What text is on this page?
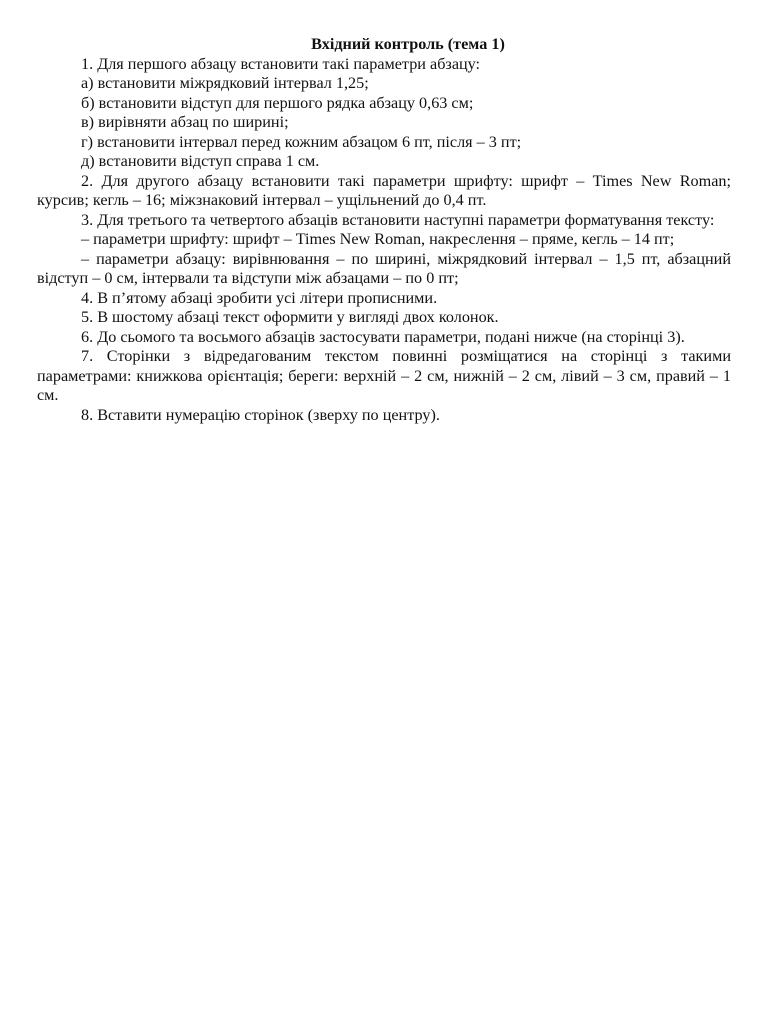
Вхідний контроль (тема 1)

1. Для першого абзацу встановити такі параметри абзацу:

а) встановити міжрядковий інтервал 1,25;

б) встановити відступ для першого рядка абзацу 0,63 см;

в) вирівняти абзац по ширині;

г) встановити інтервал перед кожним абзацом 6 пт, після – 3 пт;

д) встановити відступ справа 1 см.

2. Для другого абзацу встановити такі параметри шрифту: шрифт – Times New Roman; курсив; кегль – 16; міжзнаковий інтервал – ущільнений до 0,4 пт.

3. Для третього та четвертого абзаців встановити наступні параметри форматування тексту:

– параметри шрифту: шрифт – Times New Roman, накреслення – пряме, кегль – 14 пт;

– параметри абзацу: вирівнювання – по ширині, міжрядковий інтервал – 1,5 пт, абзацний відступ – 0 см, інтервали та відступи між абзацами – по 0 пт;

4. В п’ятому абзаці зробити усі літери прописними.

5. В шостому абзаці текст оформити у вигляді двох колонок.

6. До сьомого та восьмого абзаців застосувати параметри, подані нижче (на сторінці 3).

7. Сторінки з відредагованим текстом повинні розміщатися на сторінці з такими параметрами: книжкова орієнтація; береги: верхній – 2 см, нижній – 2 см, лівий – 3 см, правий – 1 см.

8. Вставити нумерацію сторінок (зверху по центру).
